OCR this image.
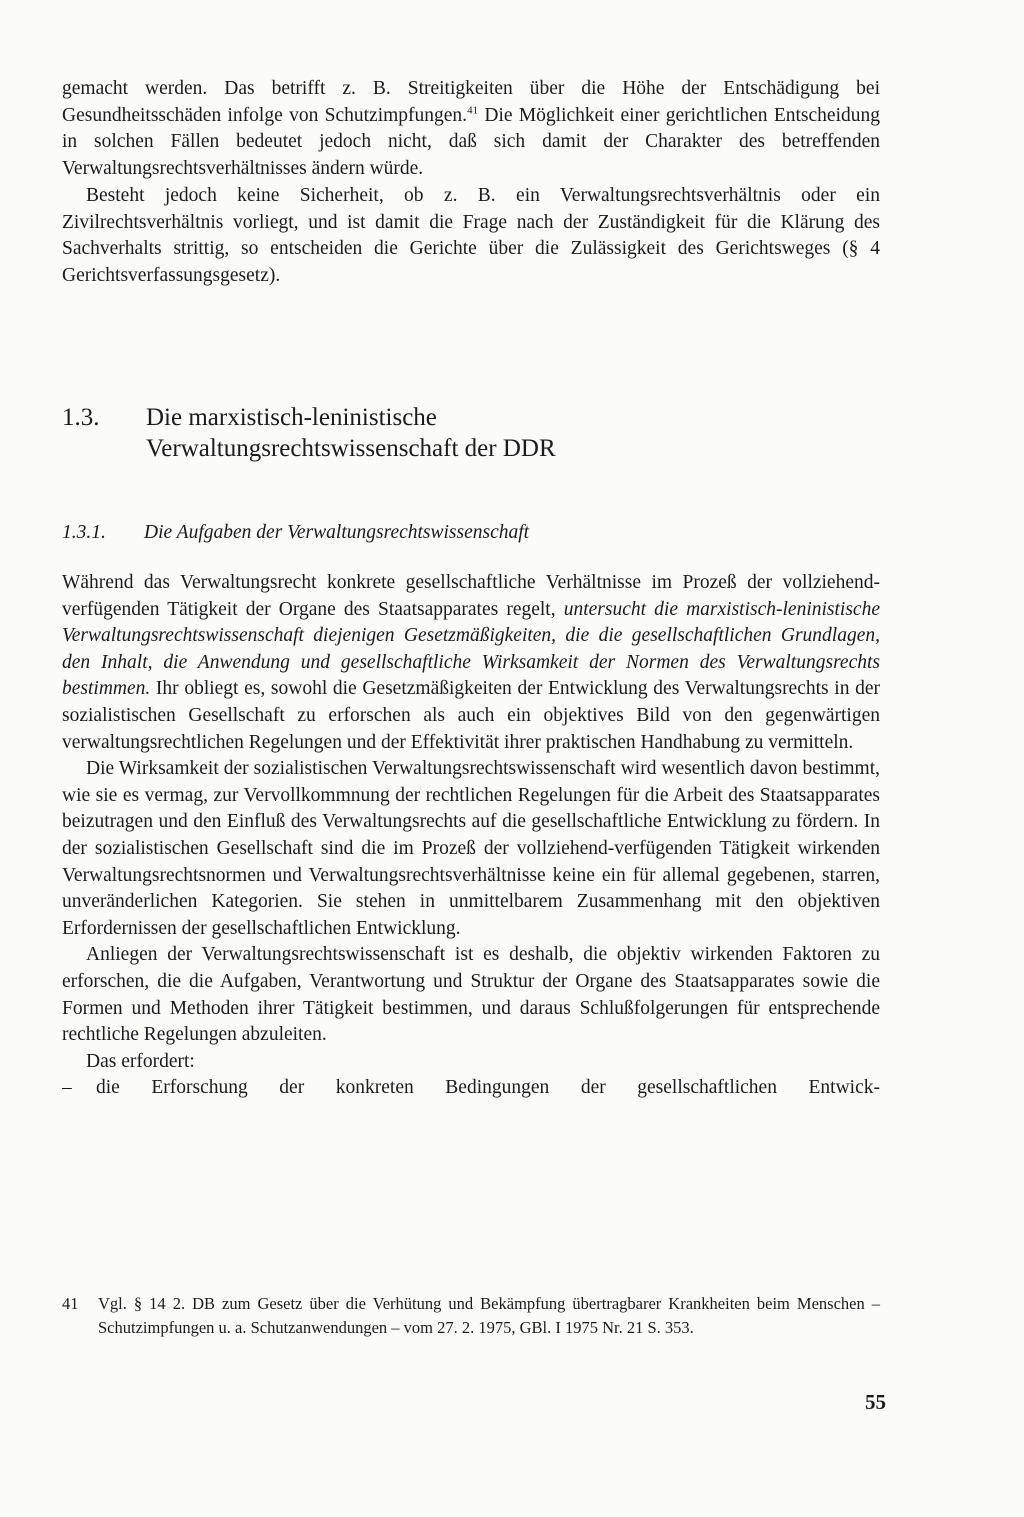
gemacht werden. Das betrifft z. B. Streitigkeiten über die Höhe der Entschädigung bei Gesundheitsschäden infolge von Schutzimpfungen.$^{41}$ Die Möglichkeit einer gerichtlichen Entscheidung in solchen Fällen bedeutet jedoch nicht, daß sich damit der Charakter des betreffenden Verwaltungsrechtsverhältnisses ändern würde.

Besteht jedoch keine Sicherheit, ob z. B. ein Verwaltungsrechtsverhältnis oder ein Zivilrechtsverhältnis vorliegt, und ist damit die Frage nach der Zuständigkeit für die Klärung des Sachverhalts strittig, so entscheiden die Gerichte über die Zulässigkeit des Gerichtsweges (§ 4 Gerichtsverfassungsgesetz).

1.3. Die marxistisch-leninistische
Verwaltungsrechtswissenschaft der DDR
1.3.1. Die Aufgaben der Verwaltungsrechtswissenschaft

Während das Verwaltungsrecht konkrete gesellschaftliche Verhältnisse im Prozeß der vollziehend-verfügenden Tätigkeit der Organe des Staatsapparates regelt, untersucht die marxistisch-leninistische Verwaltungsrechtswissenschaft diejenigen Gesetzmäßigkeiten, die die gesellschaftlichen Grundlagen, den Inhalt, die Anwendung und gesellschaftliche Wirksamkeit der Normen des Verwaltungsrechts bestimmen. Ihr obliegt es, sowohl die Gesetzmäßigkeiten der Entwicklung des Verwaltungsrechts in der sozialistischen Gesellschaft zu erforschen als auch ein objektives Bild von den gegenwärtigen verwaltungsrechtlichen Regelungen und der Effektivität ihrer praktischen Handhabung zu vermitteln.

Die Wirksamkeit der sozialistischen Verwaltungsrechtswissenschaft wird wesentlich davon bestimmt, wie sie es vermag, zur Vervollkommnung der rechtlichen Regelungen für die Arbeit des Staatsapparates beizutragen und den Einfluß des Verwaltungsrechts auf die gesellschaftliche Entwicklung zu fördern. In der sozialistischen Gesellschaft sind die im Prozeß der vollziehend-verfügenden Tätigkeit wirkenden Verwaltungsrechtsnormen und Verwaltungsrechtsverhältnisse keine ein für allemal gegebenen, starren, unveränderlichen Kategorien. Sie stehen in unmittelbarem Zusammenhang mit den objektiven Erfordernissen der gesellschaftlichen Entwicklung.

Anliegen der Verwaltungsrechtswissenschaft ist es deshalb, die objektiv wirkenden Faktoren zu erforschen, die die Aufgaben, Verantwortung und Struktur der Organe des Staatsapparates sowie die Formen und Methoden ihrer Tätigkeit bestimmen, und daraus Schlußfolgerungen für entsprechende rechtliche Regelungen abzuleiten.

Das erfordert:

–	die Erforschung der konkreten Bedingungen der gesellschaftlichen Entwick-

41	Vgl. § 14 2. DB zum Gesetz über die Verhütung und Bekämpfung übertragbarer Krankheiten beim Menschen – Schutzimpfungen u. a. Schutzanwendungen – vom 27. 2. 1975, GBl. I 1975 Nr. 21 S. 353.
55
